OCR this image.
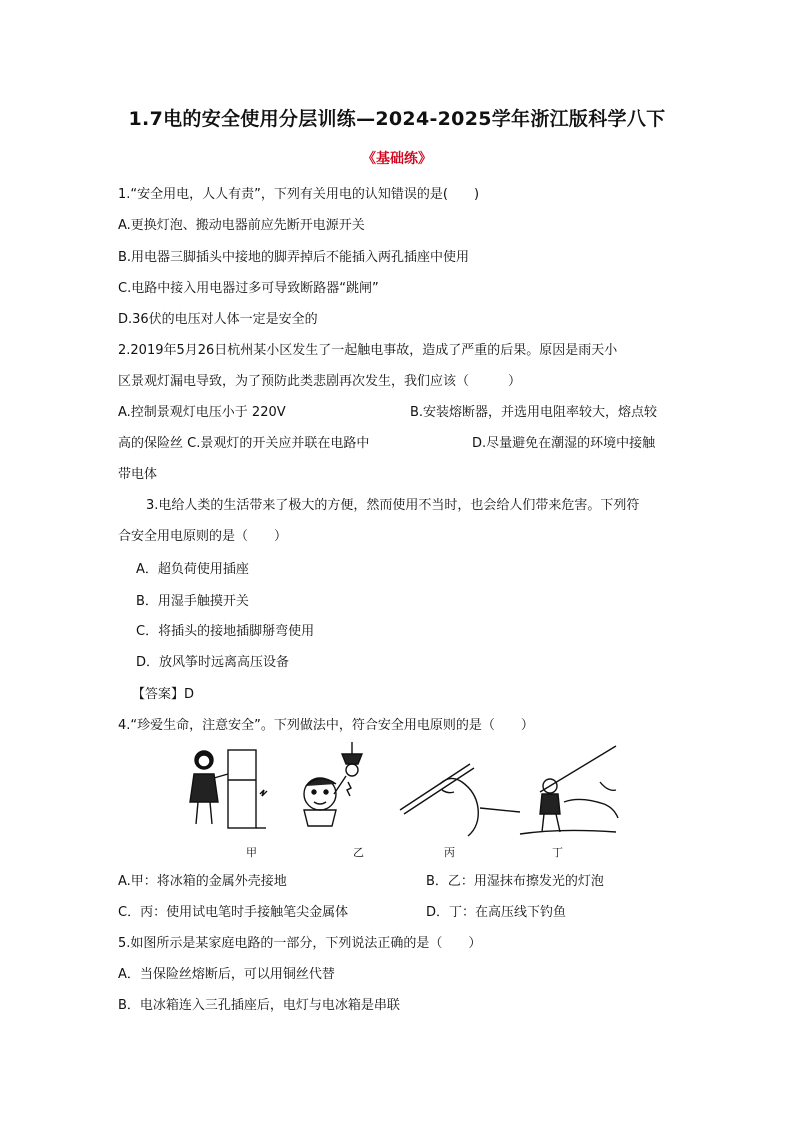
1.7电的安全使用分层训练—2024-2025学年浙江版科学八下
《基础练》
1.“安全用电，人人有责”，下列有关用电的认知错误的是(　　)
A.更换灯泡、搬动电器前应先断开电源开关
B.用电器三脚插头中接地的脚弄掉后不能插入两孔插座中使用
C.电路中接入用电器过多可导致断路器“跳闸”
D.36伏的电压对人体一定是安全的
2.2019年5月26日杭州某小区发生了一起触电事故，造成了严重的后果。原因是雨天小
区景观灯漏电导致，为了预防此类悲剧再次发生，我们应该（　　　）
A.控制景观灯电压小于 220V	B.安装熔断器，并选用电阻率较大，熔点较
高的保险丝 C.景观灯的开关应并联在电路中	D.尽量避免在潮湿的环境中接触
带电体
3.电给人类的生活带来了极大的方便，然而使用不当时，也会给人们带来危害。下列符
合安全用电原则的是（　　）
A．超负荷使用插座
B．用湿手触摸开关
C．将插头的接地插脚掰弯使用
D．放风筝时远离高压设备
【答案】D
4.“珍爱生命，注意安全”。下列做法中，符合安全用电原则的是（　　）
甲	乙	丙	丁
A.甲：将冰箱的金属外壳接地	B．乙：用湿抹布擦发光的灯泡
C．丙：使用试电笔时手接触笔尖金属体	D．丁：在高压线下钓鱼
5.如图所示是某家庭电路的一部分，下列说法正确的是（　　）
A．当保险丝熔断后，可以用铜丝代替
B．电冰箱连入三孔插座后，电灯与电冰箱是串联
